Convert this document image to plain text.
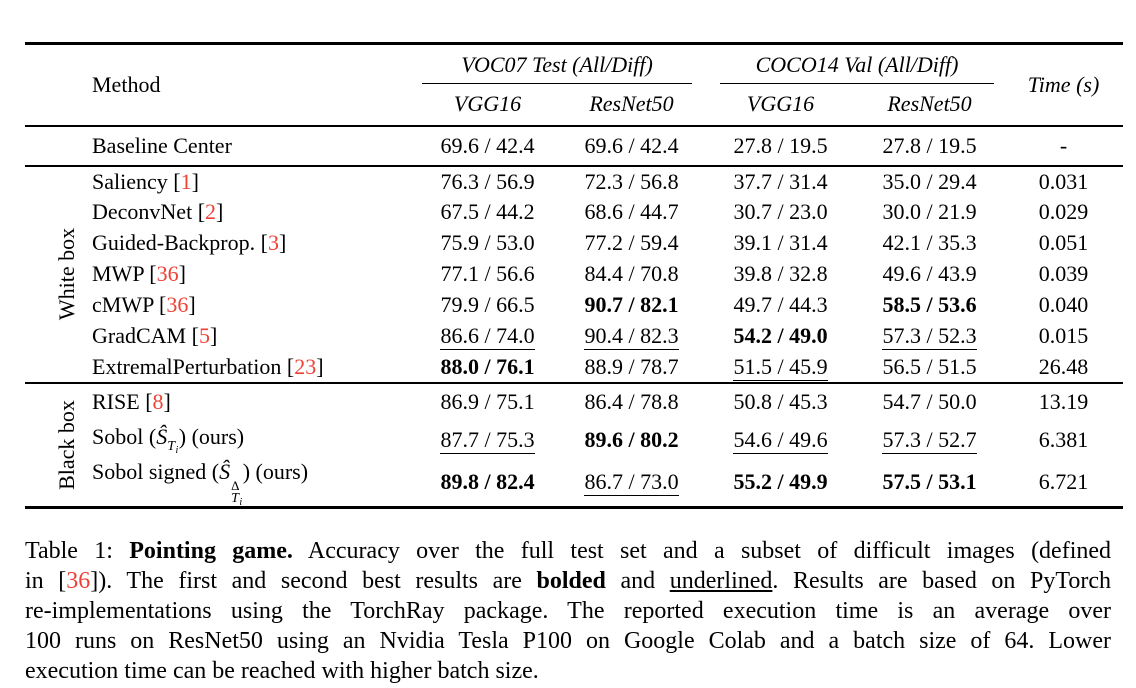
Method		VOC07 Test (All/Diff)		COCO14 Val (All/Diff)		Time (s)
		VGG16	ResNet50	VGG16	ResNet50	
	Baseline Center	69.6 / 42.4	69.6 / 42.4	27.8 / 19.5	27.8 / 19.5	-

White box	Saliency [1]	76.3 / 56.9	72.3 / 56.8	37.7 / 31.4	35.0 / 29.4	0.031
	DeconvNet [2]	67.5 / 44.2	68.6 / 44.7	30.7 / 23.0	30.0 / 21.9	0.029
	Guided-Backprop. [3]	75.9 / 53.0	77.2 / 59.4	39.1 / 31.4	42.1 / 35.3	0.051
	MWP [36]	77.1 / 56.6	84.4 / 70.8	39.8 / 32.8	49.6 / 43.9	0.039
	cMWP [36]	79.9 / 66.5	90.7 / 82.1	49.7 / 44.3	58.5 / 53.6	0.040
	GradCAM [5]	86.6 / 74.0	90.4 / 82.3	54.2 / 49.0	57.3 / 52.3	0.015
	ExtremalPerturbation [23]	88.0 / 76.1	88.9 / 78.7	51.5 / 45.9	56.5 / 51.5	26.48

Black box	RISE [8]	86.9 / 75.1	86.4 / 78.8	50.8 / 45.3	54.7 / 50.0	13.19
	Sobol $(Ŝ_{T_i})$ (ours)	87.7 / 75.3	89.6 / 80.2	54.6 / 49.6	57.3 / 52.7	6.381
	Sobol signed (Ŝ
Δ
$T_i$
) (ours)	89.8 / 82.4	86.7 / 73.0	55.2 / 49.9	57.5 / 53.1	6.721
Table 1: Pointing game. Accuracy over the full test set and a subset of difficult images (defined
in [36]). The first and second best results are bolded and underlined. Results are based on PyTorch
re-implementations using the TorchRay package. The reported execution time is an average over
100 runs on ResNet50 using an Nvidia Tesla P100 on Google Colab and a batch size of 64. Lower
execution time can be reached with higher batch size.
